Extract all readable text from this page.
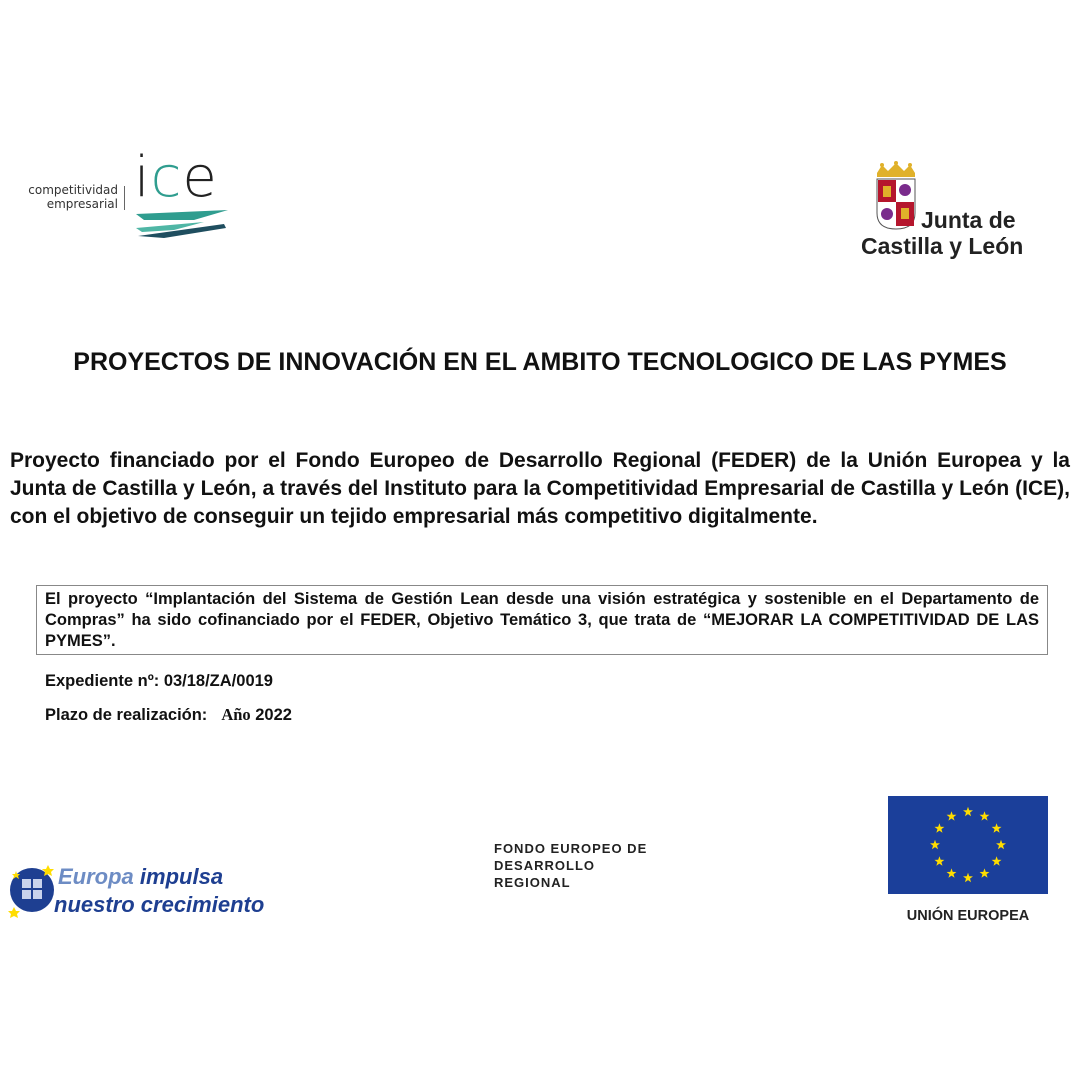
competitividad
empresarial ice
Junta de
Castilla y León
PROYECTOS DE INNOVACIÓN EN EL AMBITO TECNOLOGICO DE LAS PYMES
Proyecto financiado por el Fondo Europeo de Desarrollo Regional (FEDER) de la Unión Europea y la Junta de Castilla y León, a través del Instituto para la Competitividad Empresarial de Castilla y León (ICE), con el objetivo de conseguir un tejido empresarial más competitivo digitalmente.
El proyecto “Implantación del Sistema de Gestión Lean desde una visión estratégica y sostenible en el Departamento de Compras” ha sido cofinanciado por el FEDER, Objetivo Temático 3, que trata de “MEJORAR LA COMPETITIVIDAD DE LAS PYMES”.
Expediente nº: 03/18/ZA/0019
Plazo de realización: Año 2022
Europa impulsa
nuestro crecimiento
FONDO EUROPEO DE
DESARROLLO
REGIONAL
UNIÓN EUROPEA
